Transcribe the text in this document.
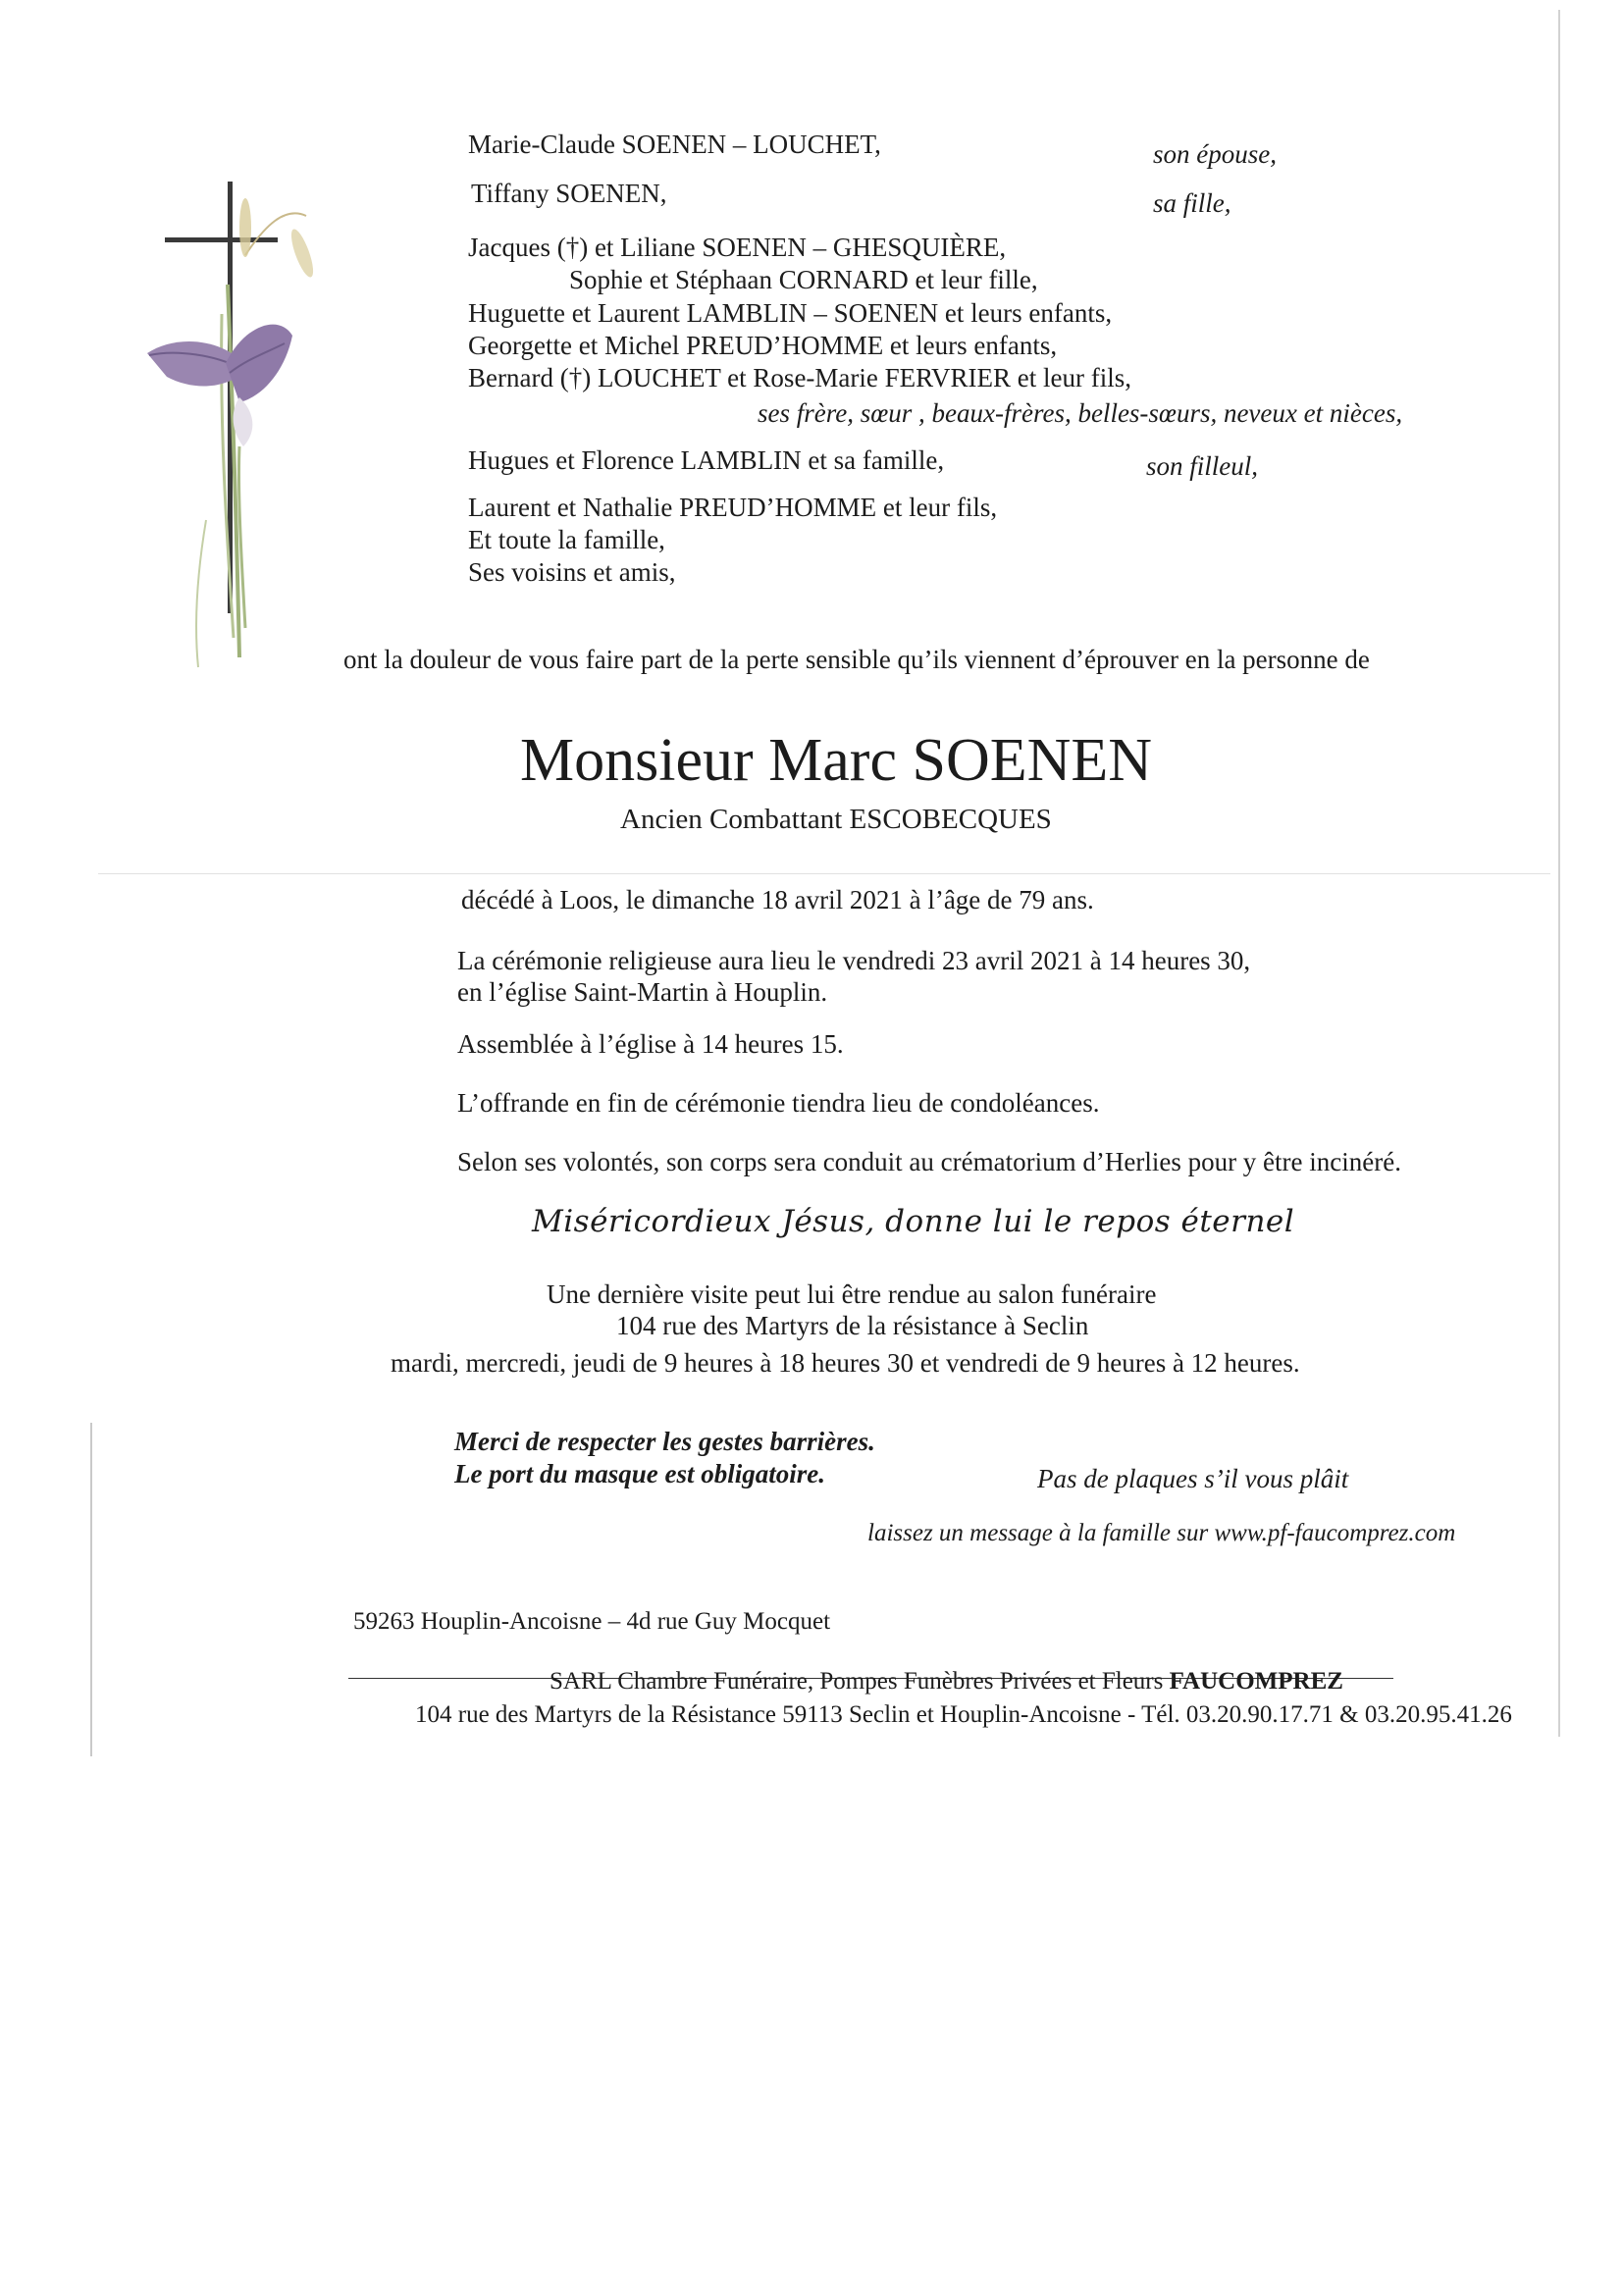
Marie-Claude SOENEN – LOUCHET,	son épouse,
Tiffany SOENEN,	sa fille,
Jacques (†) et Liliane SOENEN – GHESQUIÈRE,
Sophie et Stéphaan CORNARD et leur fille,
Huguette et Laurent LAMBLIN – SOENEN et leurs enfants,
Georgette et Michel PREUD’HOMME et leurs enfants,
Bernard (†) LOUCHET et Rose-Marie FERVRIER et leur fils,
ses frère, sœur , beaux-frères, belles-sœurs, neveux et nièces,
Hugues et Florence LAMBLIN et sa famille,	son filleul,
Laurent et Nathalie PREUD’HOMME et leur fils,
Et toute la famille,
Ses voisins et amis,
ont la douleur de vous faire part de la perte sensible qu’ils viennent d’éprouver en la personne de
Monsieur Marc SOENEN
Ancien Combattant ESCOBECQUES
décédé à Loos, le dimanche 18 avril 2021 à l’âge de 79 ans.
La cérémonie religieuse aura lieu le vendredi 23 avril 2021 à 14 heures 30,
en l’église Saint-Martin à Houplin.
Assemblée à l’église à 14 heures 15.
L’offrande en fin de cérémonie tiendra lieu de condoléances.
Selon ses volontés, son corps sera conduit au crématorium d’Herlies pour y être incinéré.
Miséricordieux Jésus, donne lui le repos éternel
Une dernière visite peut lui être rendue au salon funéraire
104 rue des Martyrs de la résistance à Seclin
mardi, mercredi, jeudi de 9 heures à 18 heures 30 et vendredi de 9 heures à 12 heures.
Merci de respecter les gestes barrières.
Le port du masque est obligatoire.	Pas de plaques s’il vous plâit
laissez un message à la famille sur www.pf-faucomprez.com
59263 Houplin-Ancoisne – 4d rue Guy Mocquet
SARL Chambre Funéraire, Pompes Funèbres Privées et Fleurs FAUCOMPREZ
104 rue des Martyrs de la Résistance 59113 Seclin et Houplin-Ancoisne - Tél. 03.20.90.17.71 & 03.20.95.41.26
